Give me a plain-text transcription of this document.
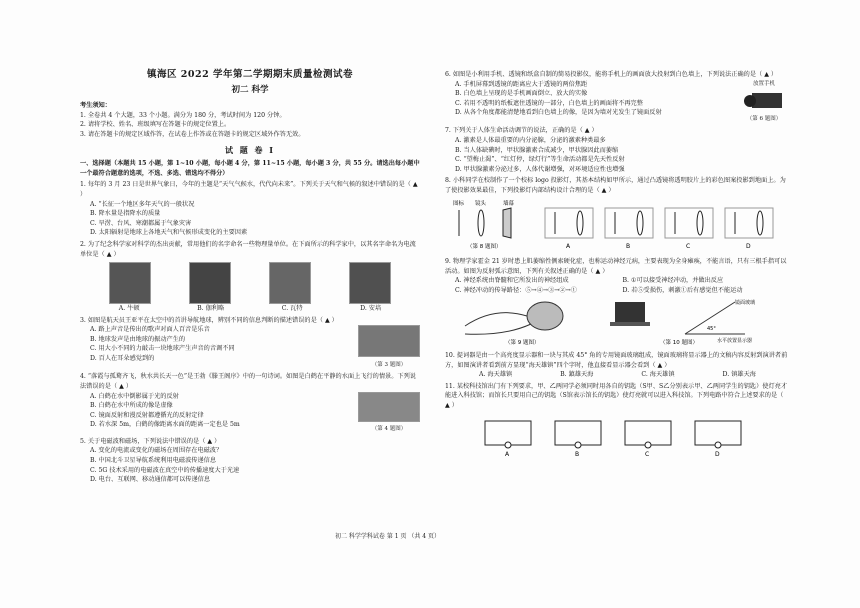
镇海区 2022 学年第二学期期末质量检测试卷
初二 科学
考生须知：
1. 全卷共 4 个大题，33 个小题。满分为 180 分，考试时间为 120 分钟。
2. 请将学校、姓名、班级填写在答题卡的规定位置上。
3. 请在答题卡的规定区域作答，在试卷上作答或在答题卡的规定区域外作答无效。
试 题 卷 Ⅰ
一、选择题（本题共 15 小题，第 1~10 小题，每小题 4 分，第 11~15 小题，每小题 3 分，共 55 分。请选出每小题中一个最符合题意的选项，不选、多选、错选均不得分）
1. 每年的 3 月 23 日是世界气象日，今年的主题是“天气气候水，代代向未来”。下列关于天气和气候的叙述中错误的是（ ▲ ）
A. “长征一个地区多年天气的一般状况
B. 降水量是指降水的质量
C. 旱涝、台风、寒潮都属于气象灾害
D. 太阳辐射是地球上各地天气和气候形成变化的主要因素
2. 为了纪念科学家对科学的杰出贡献，常用他们的名字命名一些物理量单位。在下面所示的科学家中，以其名字命名为电流单位是（ ▲ ）
A. 牛顿	B. 伽利略	C. 瓦特	D. 安培
3. 如图是航天员王亚平在太空中的首讲导航地球，辨别不同的信息判断的描述错误的是（ ▲ ）
A. 路上声音是传出的歌声对面人百音是乐音
B. 地球发声是由地球的振动产生的
C. 用大小不同的力敲击一块地球产生声音的音调不同
D. 百人在耳朵感觉到的
（第 3 题图）
4. “落霞与孤鹜齐飞，秋水共长天一色”是王勃《滕王阁序》中的一句诗词。如图是白鹤在平静的水面上飞行的情景。下列说法错误的是（ ▲ ）
A. 白鹤在水中倒影属于光的反射
B. 白鹤在水中所成的像是虚像
C. 镜面反射和漫反射都遵循光的反射定律
D. 若水深 5m，白鹤的像距离水面的距离一定也是 5m
（第 4 题图）
5. 关于电磁波和磁场，下列说法中错误的是（ ▲ ）
A. 变化的电流或变化的磁场在周围存在电磁波？
B. 中国北斗卫星导航系统利用电磁波传递信息
C. 5G 技术采用的电磁波在真空中的传播速度大于光速
D. 电台、互联网、移动通信都可以传递信息
6. 如图是小利用手机、透镜和纸盒自制的简易投影仪，能将手机上的画面放大投射到白色墙上，下列说法正确的是（ ▲ ）
A. 手机屏幕到透镜的距离应大于透镜的两倍焦距
B. 白色墙上呈现的是手机画面倒立、放大的实像
C. 若用不透明的纸板遮住透镜的一部分，白色墙上的画面将不再完整
D. 从各个角度都能清楚地看到白色墙上的像，是因为墙对光发生了镜面反射
放置手机
（第 6 题图）
7. 下列关于人体生命活动调节的说法，正确的是（ ▲ ）
A. 激素是人体最重要的内分泌腺，分泌的激素种类最多
B. 当人体缺碘时，甲状腺激素合成减少，甲状腺因此而萎缩
C. “望梅止渴”、“红灯停，绿灯行”等生命活动都是先天性反射
D. 甲状腺激素分泌过多，人体代谢增强，对环境适应性也增强
8. 小科同学在校制作了一个校标 logo 投影灯，其基本结构如甲所示，通过凸透镜将透明胶片上的彩色图案投影到地面上。为了使投影效果最佳，下列投影灯内部结构设计合理的是（ ▲ ）
图标 镜头	墙幕
（第 8 题图）	A	B	C	D
9. 物理学家霍金 21 岁时患上肌萎缩性侧索硬化症，也称运动神经元病，主要表现为全身瘫痪，不能言语，只有三根手指可以活动。如图为反射弧示意图，下列有关叙述正确的是（ ▲ ）
A. 神经系统由脊髓和它所发出的神经组成	B. ①可以接受神经冲动，并做出反应
C. 神经冲动的传导路径：⑤→④→③→②→①	D. 若⑤受损伤，刺激①后有感觉但不能运动
（第 9 题图）
镜面玻璃
45°
水平放置显示器
（第 10 题图）
10. 提词器是由一个高亮度显示器和一块与其成 45° 角的专用镜面玻璃组成，镜面玻璃将显示器上的文稿内容反射到演讲者前方，如图演讲者看到前方显现“海天雄镇”四个字时，他直接看显示器会看到（ ▲ ）
A. 海天雄镇	B. 鎮雄天海	C. 海天雄镇	D. 镇雄天海
11. 某校科技馆出门有下列要求，甲、乙两同学必须同时用各自的钥匙（S甲、S乙分别表示甲、乙两同学生的钥匙）使灯亮才能进入科技馆；而馆长只要用自己的钥匙（S馆表示馆长的钥匙）使灯亮就可以进入科技馆。下列电路中符合上述要求的是（ ▲ ）
A	B	C	D
初二 科学学科试卷 第 1 页 （共 4 页）
